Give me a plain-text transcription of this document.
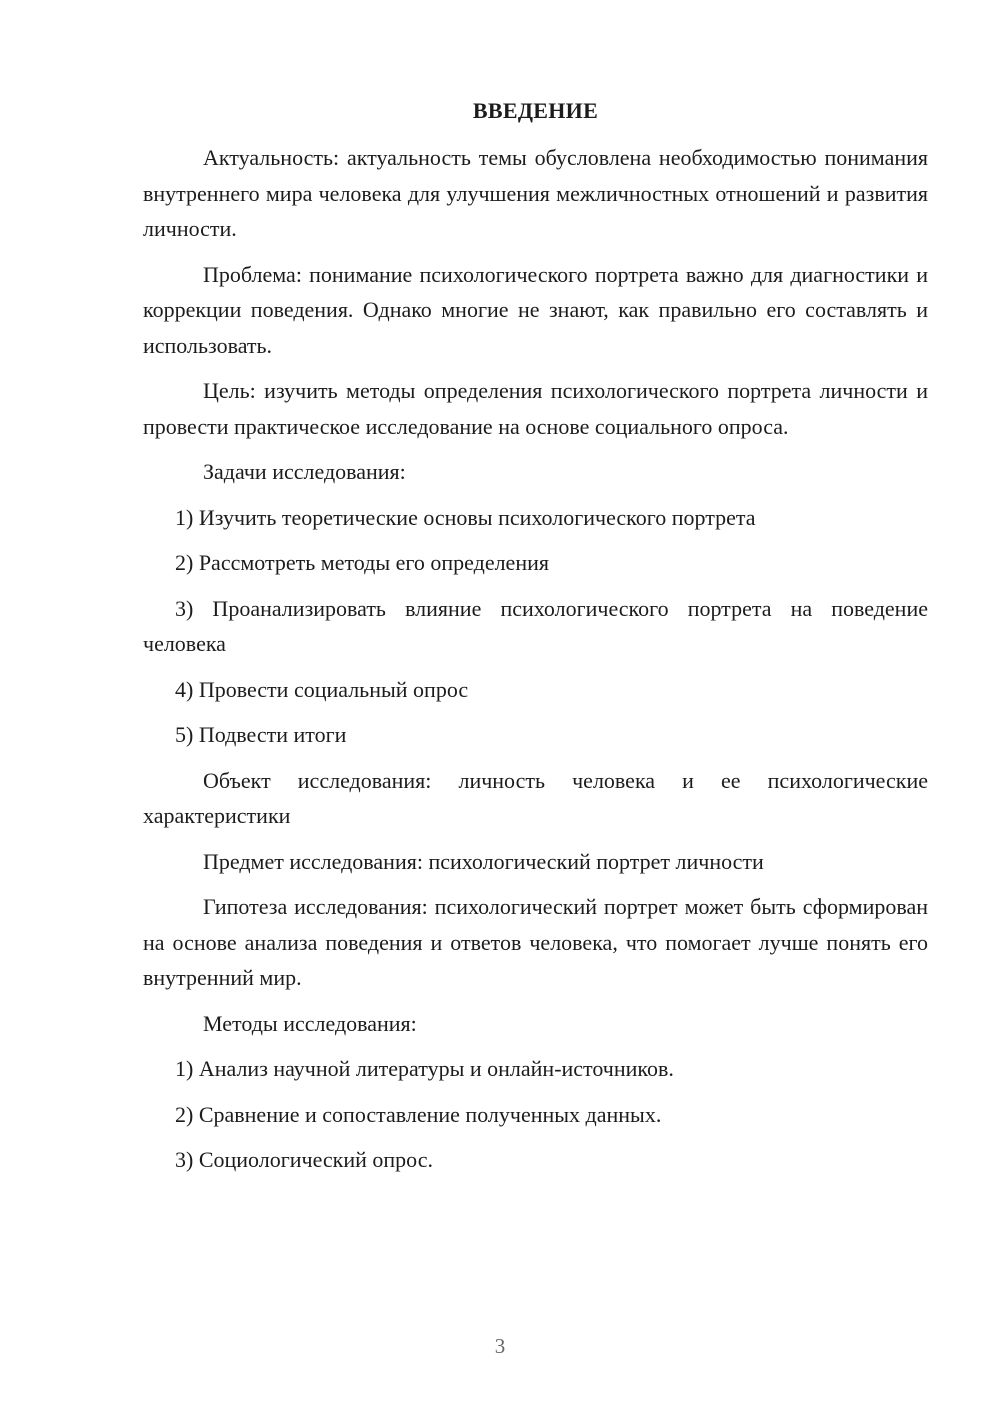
ВВЕДЕНИЕ

Актуальность: актуальность темы обусловлена необходимостью понимания внутреннего мира человека для улучшения межличностных отношений и развития личности.

Проблема: понимание психологического портрета важно для диагностики и коррекции поведения. Однако многие не знают, как правильно его составлять и использовать.

Цель: изучить методы определения психологического портрета личности и провести практическое исследование на основе социального опроса.

Задачи исследования:

1) Изучить теоретические основы психологического портрета

2) Рассмотреть методы его определения

3) Проанализировать влияние психологического портрета на поведение человека

4) Провести социальный опрос

5) Подвести итоги

Объект исследования: личность человека и ее психологические характеристики

Предмет исследования: психологический портрет личности

Гипотеза исследования: психологический портрет может быть сформирован на основе анализа поведения и ответов человека, что помогает лучше понять его внутренний мир.

Методы исследования:

1) Анализ научной литературы и онлайн-источников.

2) Сравнение и сопоставление полученных данных.

3) Социологический опрос.

3
